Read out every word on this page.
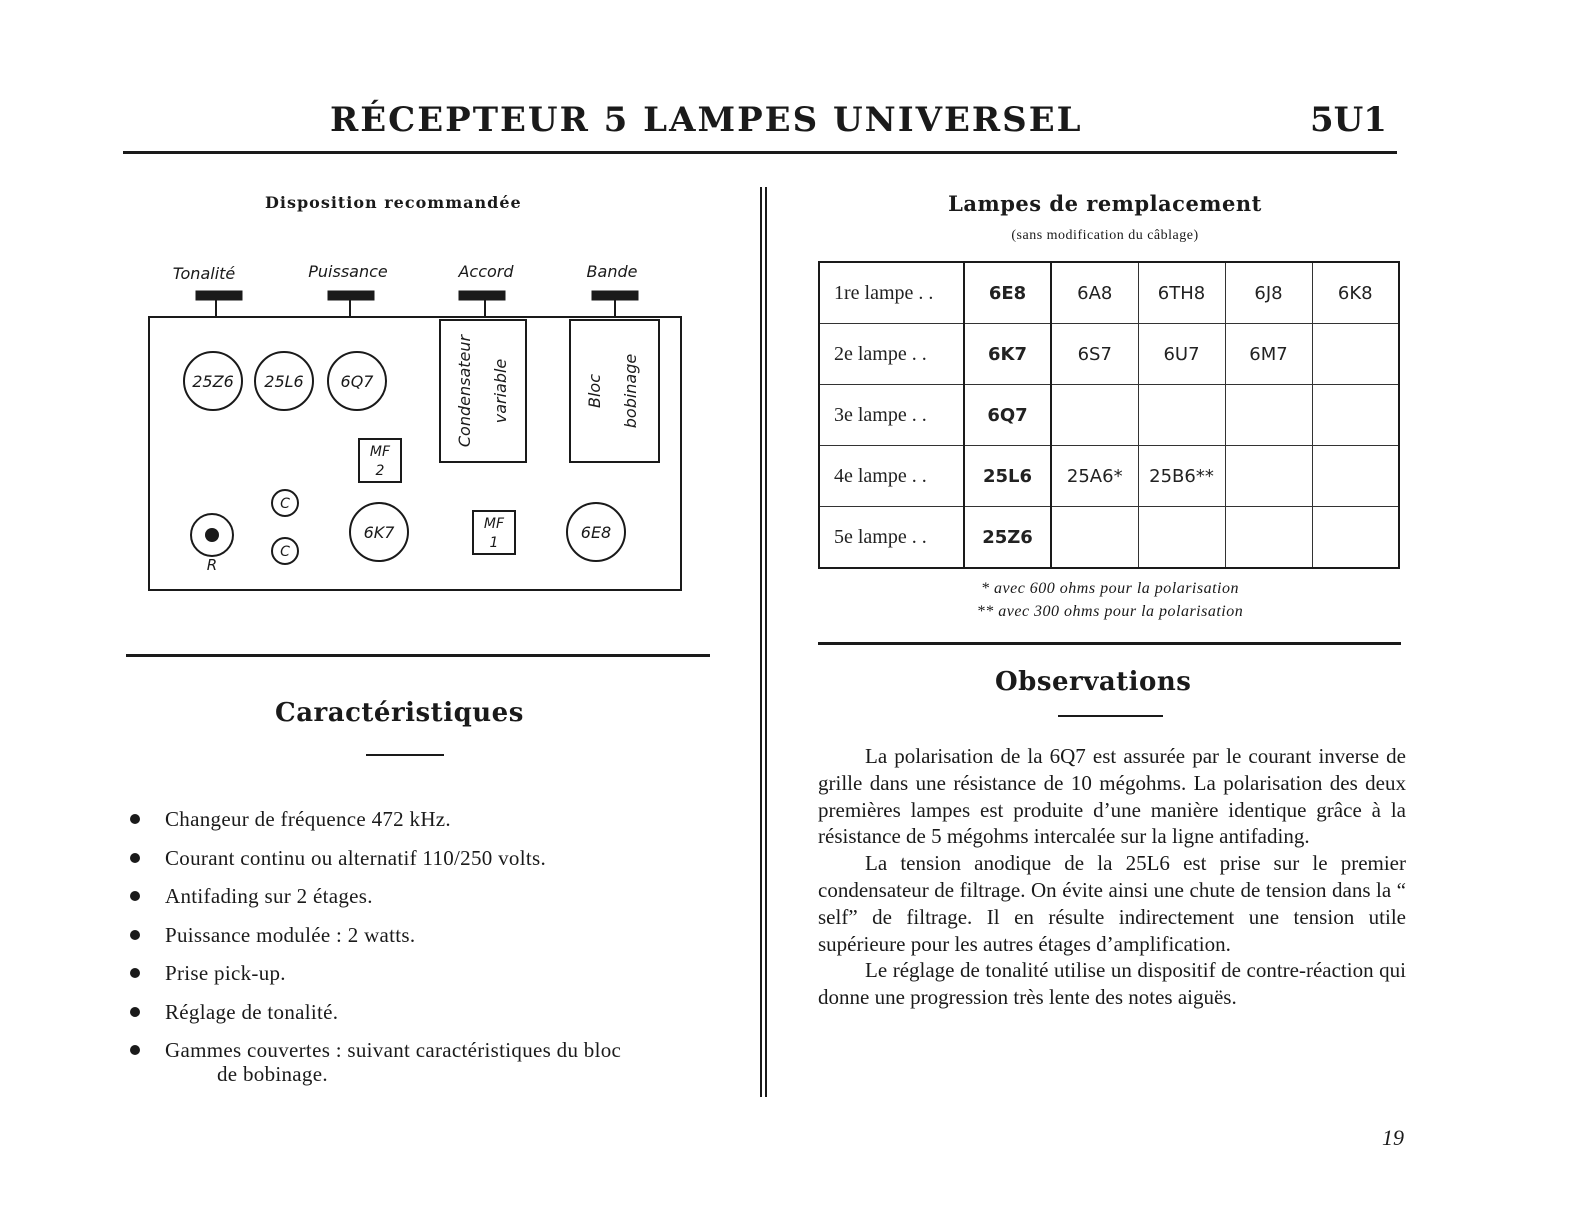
RÉCEPTEUR 5 LAMPES UNIVERSEL	5U1
Disposition recommandée
Tonalité	Puissance	Accord	Bande
Condensateur variable	Bloc bobinage
25Z6 25L6 6Q7
6K7	6E8
MF
2
MF
1
C
C
R
Caractéristiques
Changeur de fréquence 472 kHz.
Courant continu ou alternatif 110/250 volts.
Antifading sur 2 étages.
Puissance modulée : 2 watts.
Prise pick-up.
Réglage de tonalité.
Gammes couvertes : suivant caractéristiques du bloc
de bobinage.
Lampes de remplacement
(sans modification du câblage)
1re lampe . .	6E8	6A8	6TH8	6J8	6K8
2e lampe . .	6K7	6S7	6U7	6M7	
3e lampe . .	6Q7				
4e lampe . .	25L6	25A6*	25B6**		
5e lampe . .	25Z6				
* avec 600 ohms pour la polarisation
** avec 300 ohms pour la polarisation
Observations

La polarisation de la 6Q7 est assurée par le courant inverse de grille dans une résistance de 10 mégohms. La polarisation des deux premières lampes est produite d’une manière identique grâce à la résistance de 5 mégohms intercalée sur la ligne antifading.

La tension anodique de la 25L6 est prise sur le premier condensateur de filtrage. On évite ainsi une chute de tension dans la “ self” de filtrage. Il en résulte indirectement une tension utile supérieure pour les autres étages d’amplification.

Le réglage de tonalité utilise un dispositif de contre-réaction qui donne une progression très lente des notes aiguës.

19
